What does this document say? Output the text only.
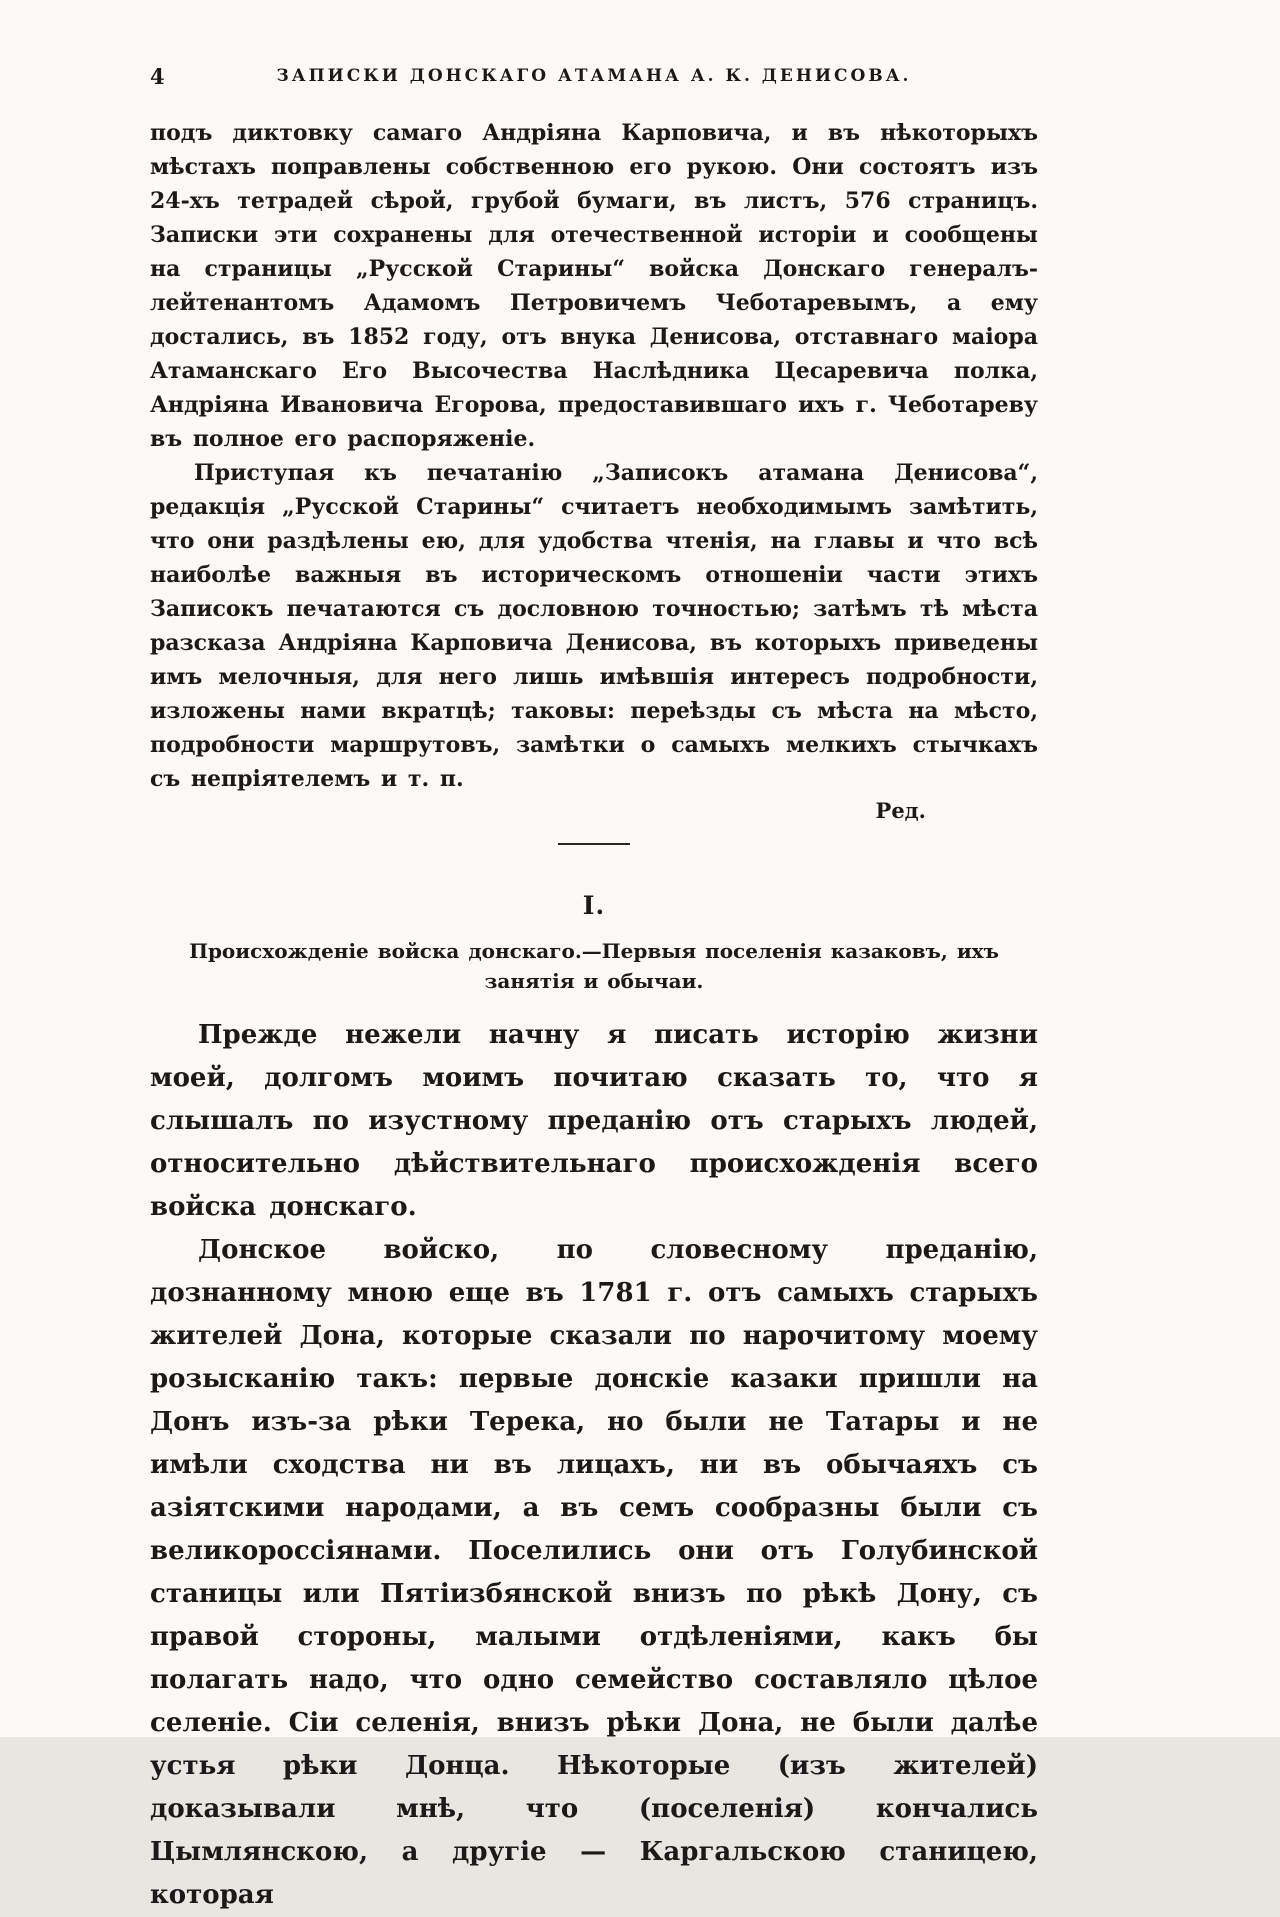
4	ЗАПИСКИ ДОНСКАГО АТАМАНА А. К. ДЕНИСОВА.

подъ диктовку самаго Андріяна Карповича, и въ нѣкоторыхъ мѣстахъ поправлены собственною его рукою. Они состоятъ изъ 24-хъ тетрадей сѣрой, грубой бумаги, въ листъ, 576 страницъ. Записки эти сохранены для отечественной исторіи и сообщены на страницы „Русской Старины“ войска Донскаго генералъ-лейтенантомъ Адамомъ Петровичемъ Чеботаревымъ, а ему достались, въ 1852 году, отъ внука Денисова, отставнаго маіора Атаманскаго Его Высочества Наслѣдника Цесаревича полка, Андріяна Ивановича Егорова, предоставившаго ихъ г. Чеботареву въ полное его распоряженіе.

Приступая къ печатанію „Записокъ атамана Денисова“, редакція „Русской Старины“ считаетъ необходимымъ замѣтить, что они раздѣлены ею, для удобства чтенія, на главы и что всѣ наиболѣе важныя въ историческомъ отношеніи части этихъ Записокъ печатаются съ дословною точностью; затѣмъ тѣ мѣста разсказа Андріяна Карповича Денисова, въ которыхъ приведены имъ мелочныя, для него лишь имѣвшія интересъ подробности, изложены нами вкратцѣ; таковы: переѣзды съ мѣста на мѣсто, подробности маршрутовъ, замѣтки о самыхъ мелкихъ стычкахъ съ непріятелемъ и т. п.

Ред.
I.
Происхожденіе войска донскаго.—Первыя поселенія казаковъ, ихъ занятія и обычаи.

Прежде нежели начну я писать исторію жизни моей, долгомъ моимъ почитаю сказать то, что я слышалъ по изустному преданію отъ старыхъ людей, относительно дѣйствительнаго происхожденія всего войска донскаго.

Донское войско, по словесному преданію, дознанному мною еще въ 1781 г. отъ самыхъ старыхъ жителей Дона, которые сказали по нарочитому моему розысканію такъ: первые донскіе казаки пришли на Донъ изъ-за рѣки Терека, но были не Татары и не имѣли сходства ни въ лицахъ, ни въ обычаяхъ съ азіятскими народами, а въ семъ сообразны были съ великороссіянами. Поселились они отъ Голубинской станицы или Пятіизбянской внизъ по рѣкѣ Дону, съ правой стороны, малыми отдѣленіями, какъ бы полагать надо, что одно семейство составляло цѣлое селеніе. Сіи селенія, внизъ рѣки Дона, не были далѣе устья рѣки Донца. Нѣкоторые (изъ жителей) доказывали мнѣ, что (поселенія) кончались Цымлянскою, а другіе — Каргальскою станицею, которая
